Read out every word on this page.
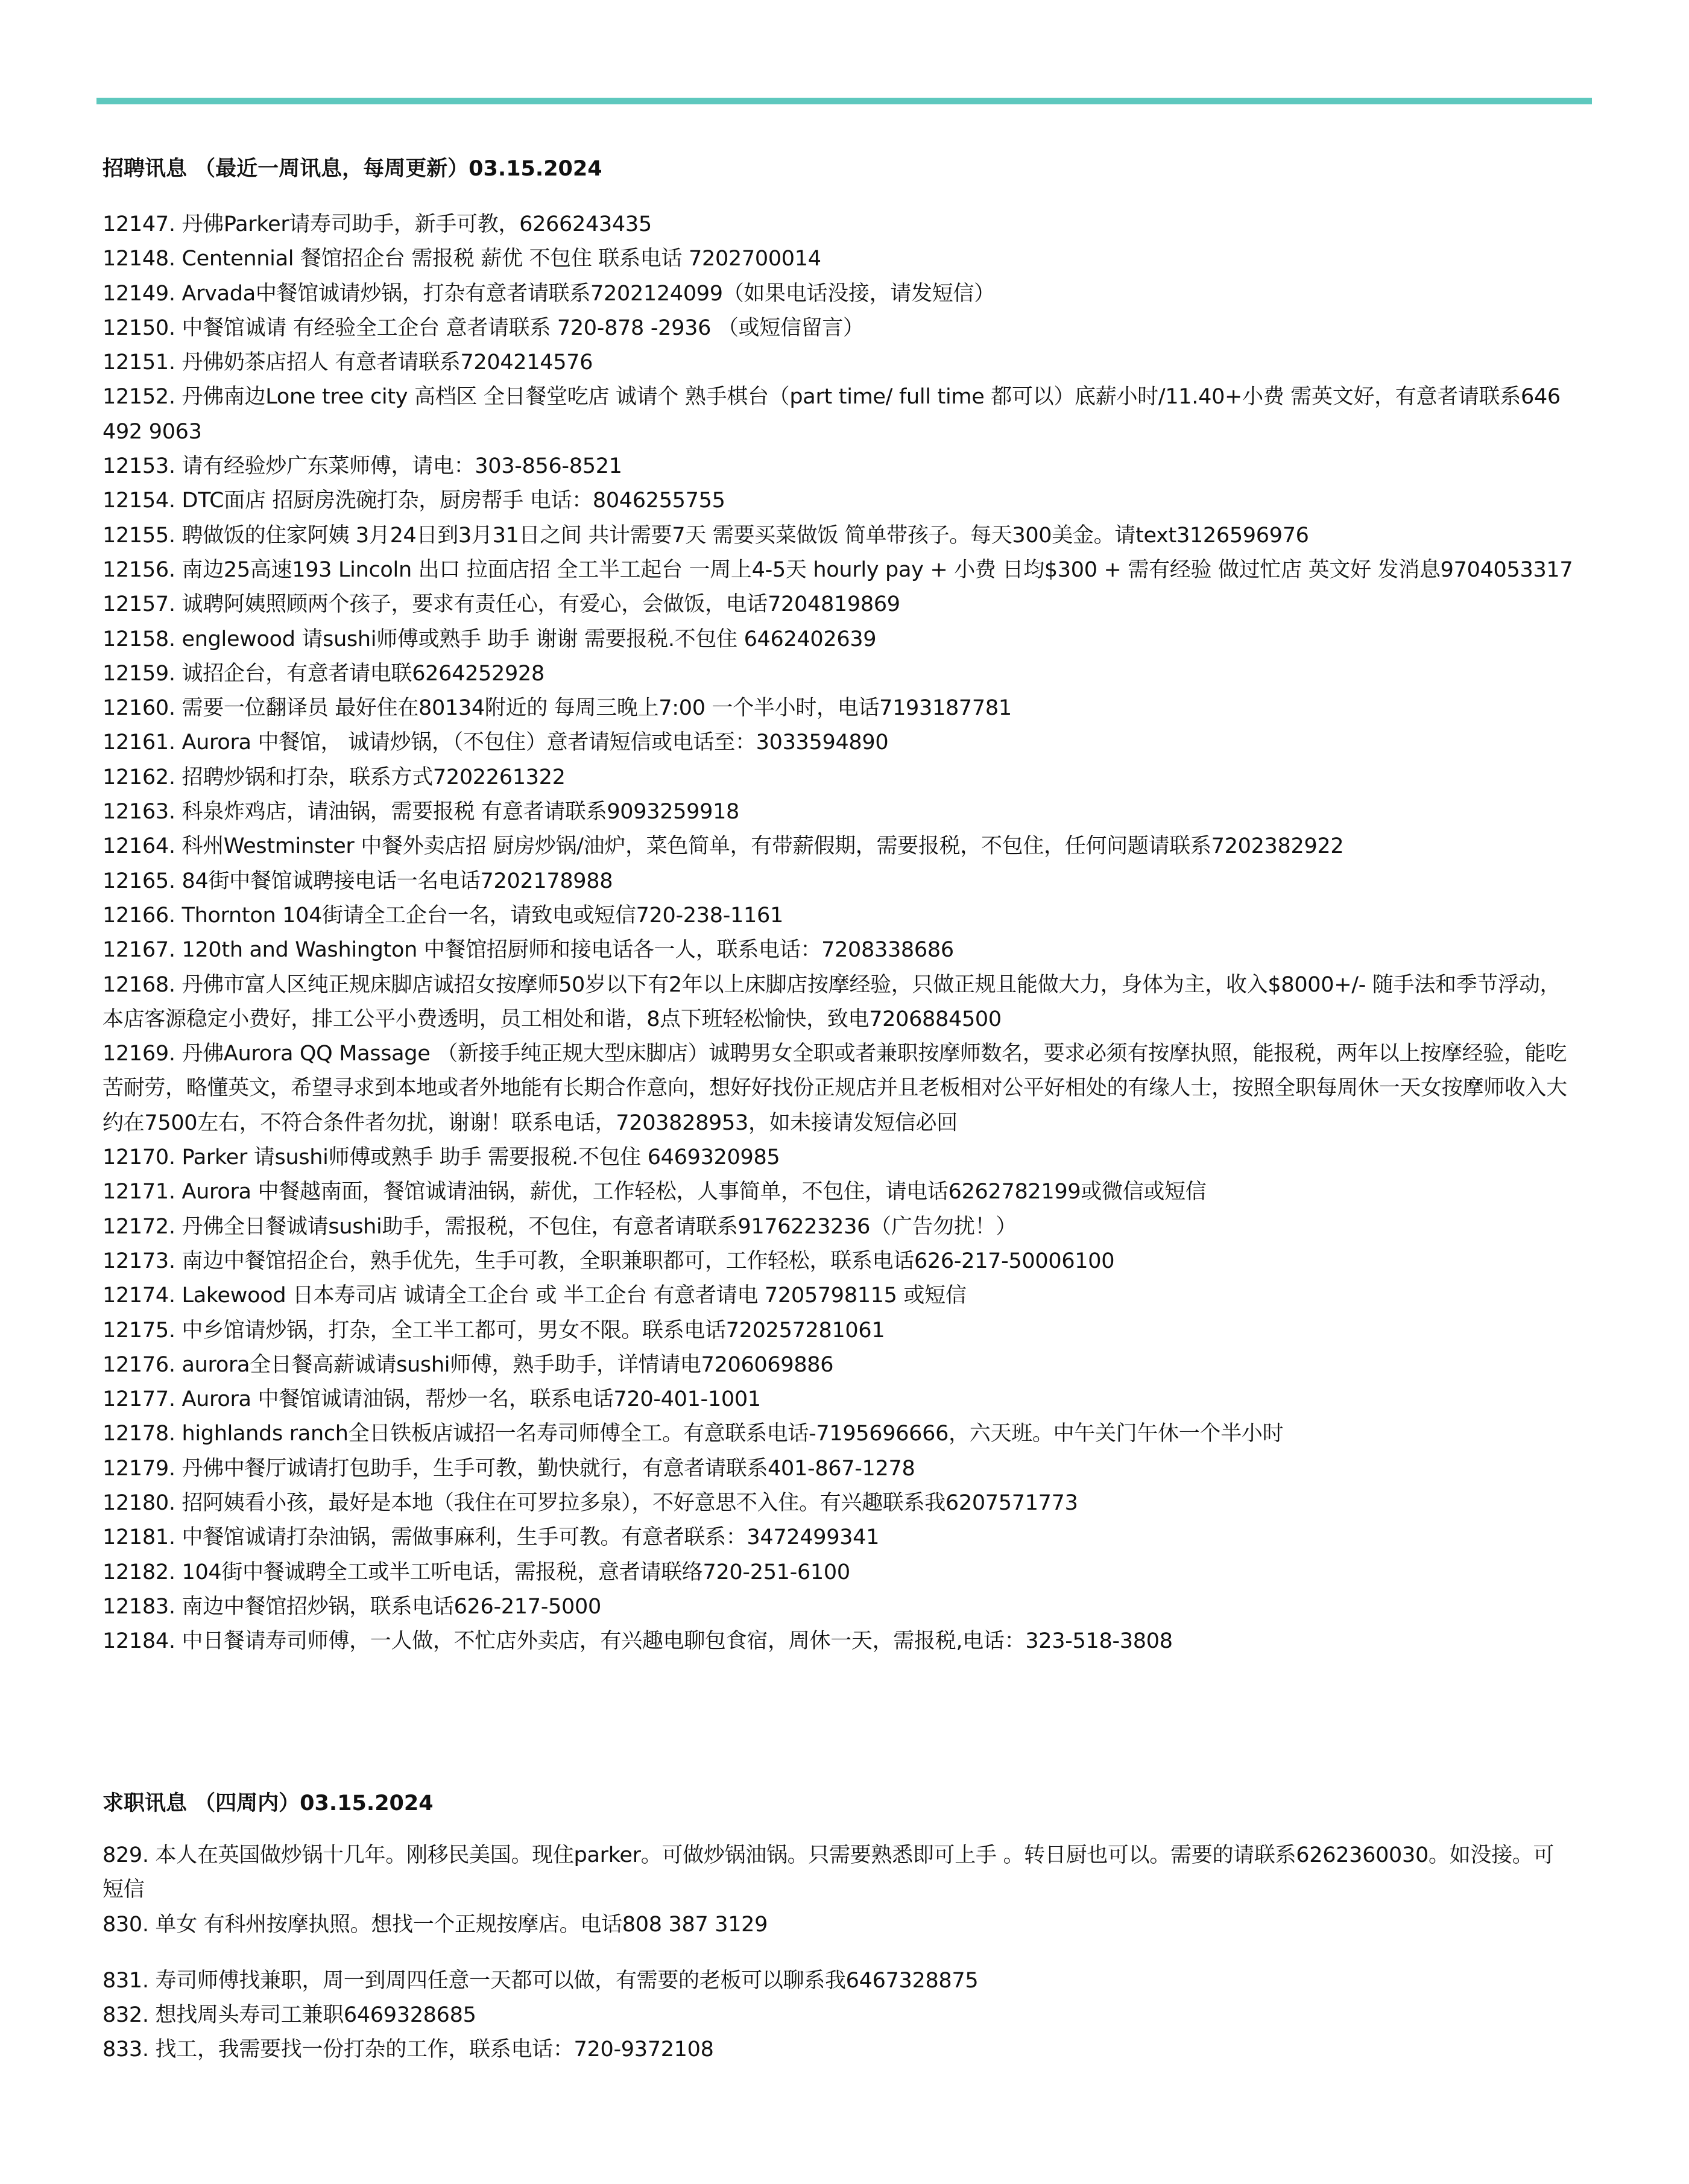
招聘讯息 （最近一周讯息，每周更新）03.15.2024
12147. 丹佛Parker请寿司助手，新手可教，6266243435
12148. Centennial 餐馆招企台 需报税 薪优 不包住 联系电话 7202700014
12149. Arvada中餐馆诚请炒锅，打杂有意者请联系7202124099（如果电话没接，请发短信）
12150. 中餐馆诚请 有经验全工企台 意者请联系 720-878 -2936 （或短信留言）
12151. 丹佛奶茶店招人 有意者请联系7204214576
12152. 丹佛南边Lone tree city 高档区 全日餐堂吃店 诚请个 熟手棋台（part time/ full time 都可以）底薪小时/11.40+小费 需英文好，有意者请联系646 492 9063
12153. 请有经验炒广东菜师傅，请电：303-856-8521
12154. DTC面店 招厨房洗碗打杂，厨房帮手 电话：8046255755
12155. 聘做饭的住家阿姨 3月24日到3月31日之间 共计需要7天 需要买菜做饭 简单带孩子。每天300美金。请text3126596976
12156. 南边25高速193 Lincoln 出口 拉面店招 全工半工起台 一周上4-5天 hourly pay + 小费 日均$300 + 需有经验 做过忙店 英文好 发消息9704053317
12157. 诚聘阿姨照顾两个孩子，要求有责任心，有爱心，会做饭，电话7204819869
12158. englewood 请sushi师傅或熟手 助手 谢谢 需要报税.不包住 6462402639
12159. 诚招企台，有意者请电联6264252928
12160. 需要一位翻译员 最好住在80134附近的 每周三晚上7:00 一个半小时，电话7193187781
12161. Aurora 中餐馆， 诚请炒锅，（不包住）意者请短信或电话至：3033594890
12162. 招聘炒锅和打杂，联系方式7202261322
12163. 科泉炸鸡店，请油锅，需要报税 有意者请联系9093259918
12164. 科州Westminster 中餐外卖店招 厨房炒锅/油炉，菜色简单，有带薪假期，需要报税，不包住，任何问题请联系7202382922
12165. 84街中餐馆诚聘接电话一名电话7202178988
12166. Thornton 104街请全工企台一名，请致电或短信720-238-1161
12167. 120th and Washington 中餐馆招厨师和接电话各一人，联系电话：7208338686
12168. 丹佛市富人区纯正规床脚店诚招女按摩师50岁以下有2年以上床脚店按摩经验，只做正规且能做大力，身体为主，收入$8000+/- 随手法和季节浮动，本店客源稳定小费好，排工公平小费透明，员工相处和谐，8点下班轻松愉快，致电7206884500
12169. 丹佛Aurora QQ Massage （新接手纯正规大型床脚店）诚聘男女全职或者兼职按摩师数名，要求必须有按摩执照，能报税，两年以上按摩经验，能吃苦耐劳，略懂英文，希望寻求到本地或者外地能有长期合作意向，想好好找份正规店并且老板相对公平好相处的有缘人士，按照全职每周休一天女按摩师收入大约在7500左右，不符合条件者勿扰，谢谢！联系电话，7203828953，如未接请发短信必回
12170. Parker 请sushi师傅或熟手 助手 需要报税.不包住 6469320985
12171. Aurora 中餐越南面，餐馆诚请油锅，薪优，工作轻松，人事简单，不包住，请电话6262782199或微信或短信
12172. 丹佛全日餐诚请sushi助手，需报税，不包住，有意者请联系9176223236（广告勿扰！）
12173. 南边中餐馆招企台，熟手优先，生手可教，全职兼职都可，工作轻松，联系电话626-217-50006100
12174. Lakewood 日本寿司店 诚请全工企台 或 半工企台 有意者请电 7205798115 或短信
12175. 中乡馆请炒锅，打杂，全工半工都可，男女不限。联系电话720257281061
12176. aurora全日餐高薪诚请sushi师傅，熟手助手，详情请电7206069886
12177. Aurora 中餐馆诚请油锅，帮炒一名，联系电话720-401-1001
12178. highlands ranch全日铁板店诚招一名寿司师傅全工。有意联系电话-7195696666，六天班。中午关门午休一个半小时
12179. 丹佛中餐厅诚请打包助手，生手可教，勤快就行，有意者请联系401-867-1278
12180. 招阿姨看小孩，最好是本地（我住在可罗拉多泉），不好意思不入住。有兴趣联系我6207571773
12181. 中餐馆诚请打杂油锅，需做事麻利，生手可教。有意者联系：3472499341
12182. 104街中餐诚聘全工或半工听电话，需报税，意者请联络720-251-6100
12183. 南边中餐馆招炒锅，联系电话626-217-5000
12184. 中日餐请寿司师傅，一人做，不忙店外卖店，有兴趣电聊包食宿，周休一天，需报税,电话：323-518-3808
求职讯息 （四周内）03.15.2024
829. 本人在英国做炒锅十几年。刚移民美国。现住parker。可做炒锅油锅。只需要熟悉即可上手 。转日厨也可以。需要的请联系6262360030。如没接。可短信
830. 单女 有科州按摩执照。想找一个正规按摩店。电话808 387 3129
831. 寿司师傅找兼职，周一到周四任意一天都可以做，有需要的老板可以聊系我6467328875
832. 想找周头寿司工兼职6469328685
833. 找工，我需要找一份打杂的工作，联系电话：720-9372108
